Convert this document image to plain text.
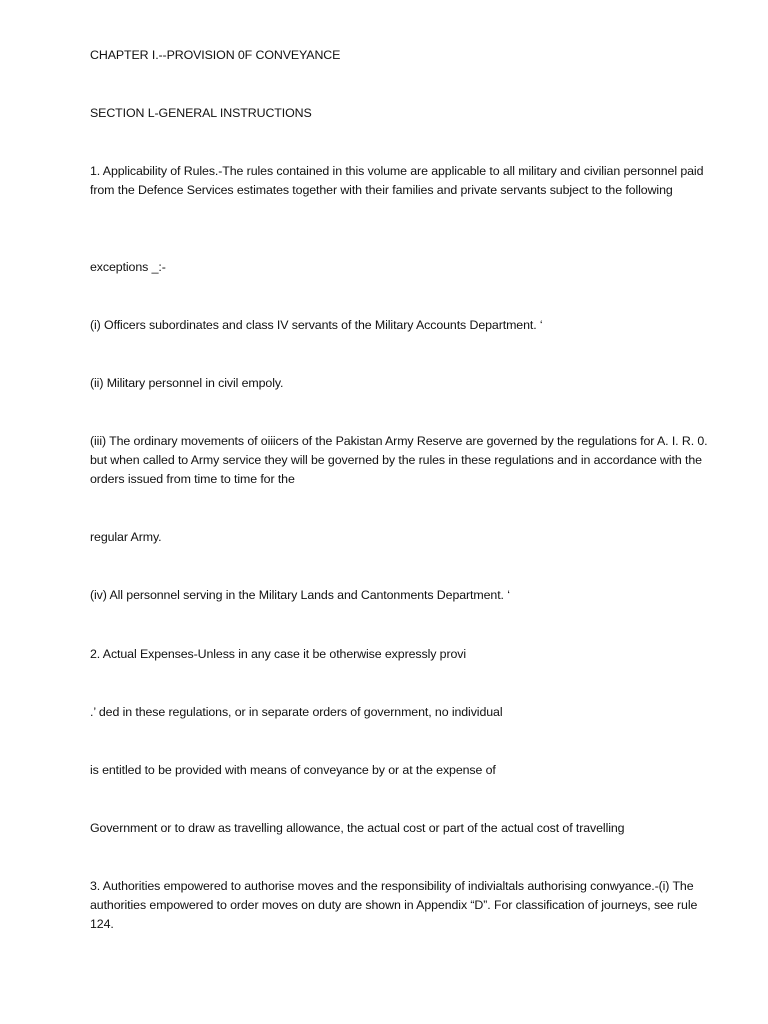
CHAPTER I.--PROVISION 0F CONVEYANCE

SECTION L-GENERAL INSTRUCTIONS

1. Applicability of Rules.-The rules contained in this volume are applicable to all military and civilian personnel paid from the Defence Services estimates together with their families and private servants subject to the following

exceptions _:-

(i) Officers subordinates and class IV servants of the Military Accounts Department. ‘

(ii) Military personnel in civil empoly.

(iii) The ordinary movements of oiiicers of the Pakistan Army Reserve are governed by the regulations for A. I. R. 0. but when called to Army service they will be governed by the rules in these regulations and in accordance with the orders issued from time to time for the

regular Army.

(iv) All personnel serving in the Military Lands and Cantonments Department. ‘

2. Actual Expenses-Unless in any case it be otherwise expressly provi

.’ ded in these regulations, or in separate orders of government, no individual

is entitled to be provided with means of conveyance by or at the expense of

Government or to draw as travelling allowance, the actual cost or part of the actual cost of travelling

3. Authorities empowered to authorise moves and the responsibility of indivialtals authorising conwyance.-(i) The authorities empowered to order moves on duty are shown in Appendix “D”. For classification of journeys, see rule 124.
